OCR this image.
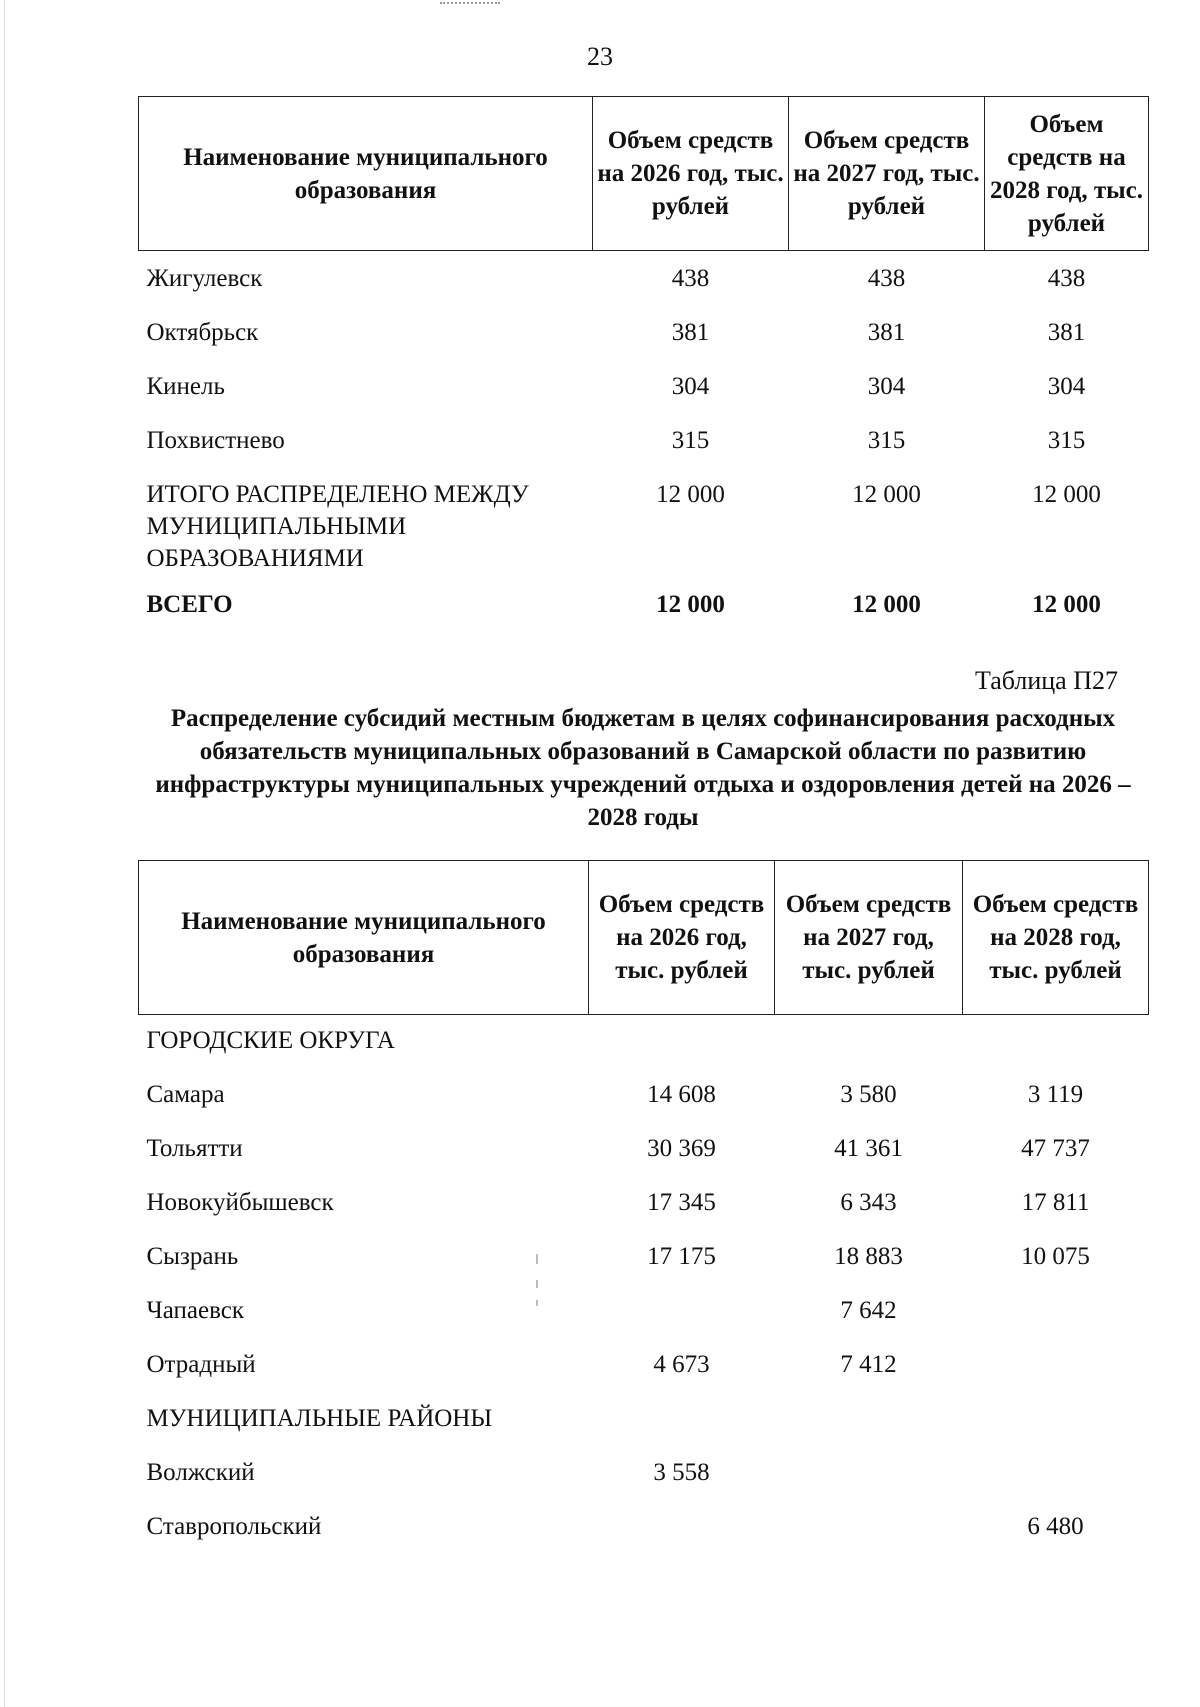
23
Наименование муниципального образования	Объем средств на 2026 год, тыс. рублей	Объем средств на 2027 год, тыс. рублей	Объем средств на 2028 год, тыс. рублей
Жигулевск	438	438	438
Октябрьск	381	381	381
Кинель	304	304	304
Похвистнево	315	315	315
ИТОГО РАСПРЕДЕЛЕНО МЕЖДУ МУНИЦИПАЛЬНЫМИ ОБРАЗОВАНИЯМИ	12 000	12 000	12 000
ВСЕГО	12 000	12 000	12 000
Таблица П27
Распределение субсидий местным бюджетам в целях софинансирования расходных обязательств муниципальных образований в Самарской области по развитию инфраструктуры муниципальных учреждений отдыха и оздоровления детей на 2026 – 2028 годы
Наименование муниципального образования	Объем средств на 2026 год, тыс. рублей	Объем средств на 2027 год, тыс. рублей	Объем средств на 2028 год, тыс. рублей
ГОРОДСКИЕ ОКРУГА			
Самара	14 608	3 580	3 119
Тольятти	30 369	41 361	47 737
Новокуйбышевск	17 345	6 343	17 811
Сызрань	17 175	18 883	10 075
Чапаевск		7 642	
Отрадный	4 673	7 412	
МУНИЦИПАЛЬНЫЕ РАЙОНЫ			
Волжский	3 558		
Ставропольский			6 480
